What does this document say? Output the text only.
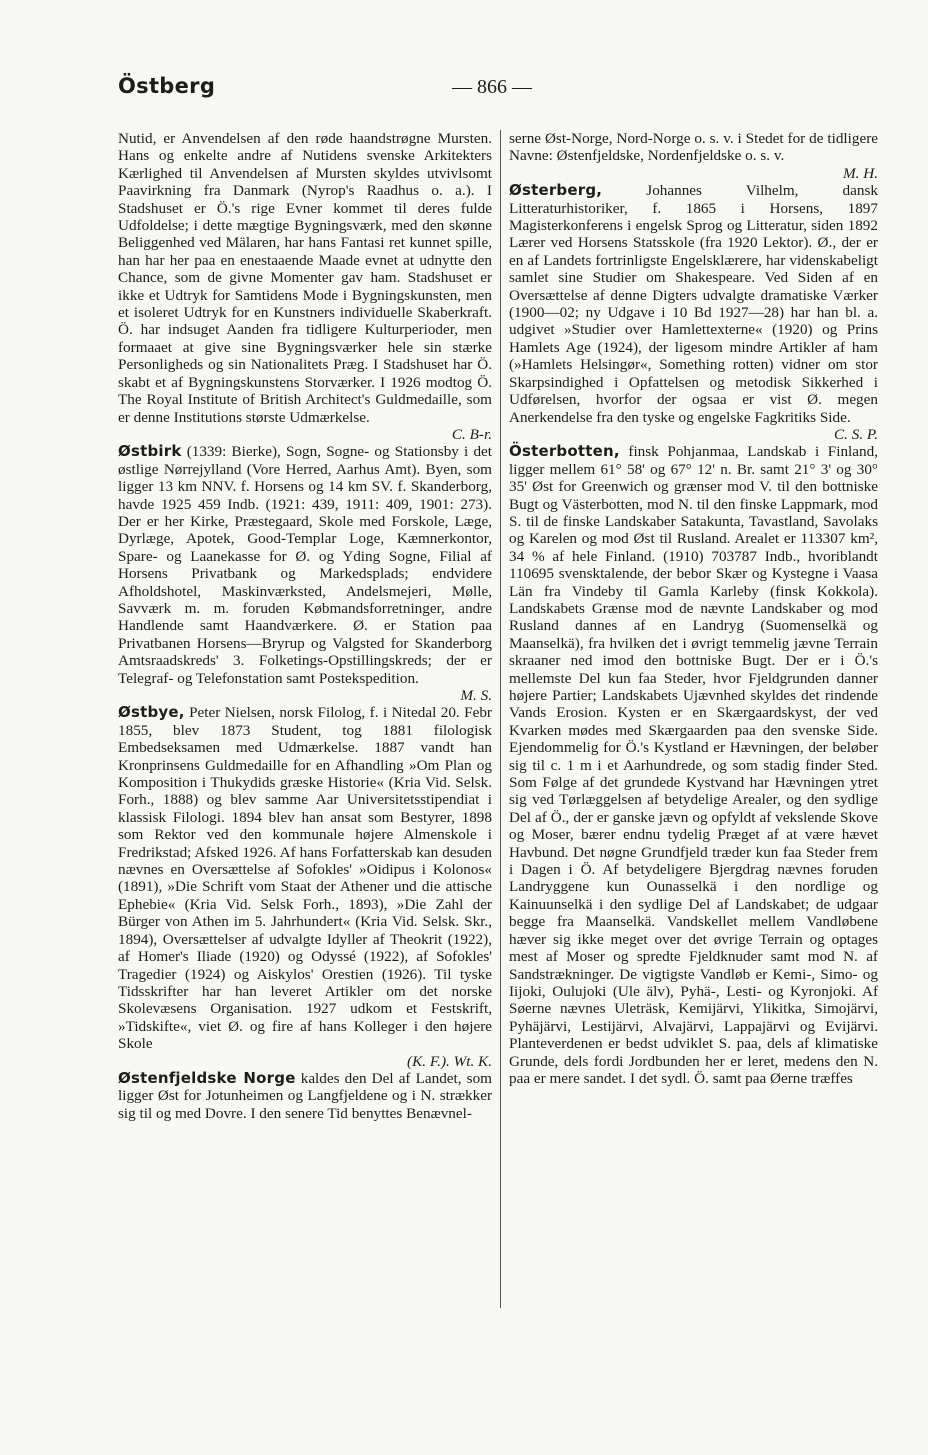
Östberg	— 866 —

Nutid, er Anvendelsen af den røde haandstrøgne Mursten. Hans og enkelte andre af Nutidens svenske Arkitekters Kærlighed til Anvendelsen af Mursten skyldes utvivlsomt Paavirkning fra Danmark (Nyrop's Raadhus o. a.). I Stadshuset er Ö.'s rige Evner kommet til deres fulde Udfoldelse; i dette mægtige Bygningsværk, med den skønne Beliggenhed ved Mälaren, har hans Fantasi ret kunnet spille, han har her paa en enestaaende Maade evnet at udnytte den Chance, som de givne Momenter gav ham. Stadshuset er ikke et Udtryk for Samtidens Mode i Bygningskunsten, men et isoleret Udtryk for en Kunstners individuelle Skaberkraft. Ö. har indsuget Aanden fra tidligere Kulturperioder, men formaaet at give sine Bygningsværker hele sin stærke Personligheds og sin Nationalitets Præg. I Stadshuset har Ö. skabt et af Bygningskunstens Storværker. I 1926 modtog Ö. The Royal Institute of British Architect's Guldmedaille, som er denne Institutions største Udmærkelse.
C. B-r.

Østbirk (1339: Bierke), Sogn, Sogne- og Stationsby i det østlige Nørrejylland (Vore Herred, Aarhus Amt). Byen, som ligger 13 km NNV. f. Horsens og 14 km SV. f. Skanderborg, havde 1925 459 Indb. (1921: 439, 1911: 409, 1901: 273). Der er her Kirke, Præstegaard, Skole med Forskole, Læge, Dyrlæge, Apotek, Good-Templar Loge, Kæmnerkontor, Spare- og Laanekasse for Ø. og Yding Sogne, Filial af Horsens Privatbank og Markedsplads; endvidere Afholdshotel, Maskinværksted, Andelsmejeri, Mølle, Savværk m. m. foruden Købmandsforretninger, andre Handlende samt Haandværkere. Ø. er Station paa Privatbanen Horsens—Bryrup og Valgsted for Skanderborg Amtsraadskreds' 3. Folketings-Opstillingskreds; der er Telegraf- og Telefonstation samt Postekspedition.
M. S.

Østbye, Peter Nielsen, norsk Filolog, f. i Nitedal 20. Febr 1855, blev 1873 Student, tog 1881 filologisk Embedseksamen med Udmærkelse. 1887 vandt han Kronprinsens Guldmedaille for en Afhandling »Om Plan og Komposition i Thukydids græske Historie« (Kria Vid. Selsk. Forh., 1888) og blev samme Aar Universitetsstipendiat i klassisk Filologi. 1894 blev han ansat som Bestyrer, 1898 som Rektor ved den kommunale højere Almenskole i Fredrikstad; Afsked 1926. Af hans Forfatterskab kan desuden nævnes en Oversættelse af Sofokles' »Oidipus i Kolonos« (1891), »Die Schrift vom Staat der Athener und die attische Ephebie« (Kria Vid. Selsk Forh., 1893), »Die Zahl der Bürger von Athen im 5. Jahrhundert« (Kria Vid. Selsk. Skr., 1894), Oversættelser af udvalgte Idyller af Theokrit (1922), af Homer's Iliade (1920) og Odyssé (1922), af Sofokles' Tragedier (1924) og Aiskylos' Orestien (1926). Til tyske Tidsskrifter har han leveret Artikler om det norske Skolevæsens Organisation. 1927 udkom et Festskrift, »Tidskifte«, viet Ø. og fire af hans Kolleger i den højere Skole
(K. F.). Wt. K.

Østenfjeldske Norge kaldes den Del af Landet, som ligger Øst for Jotunheimen og Langfjeldene og i N. strækker sig til og med Dovre. I den senere Tid benyttes Benævnel-

serne Øst-Norge, Nord-Norge o. s. v. i Stedet for de tidligere Navne: Østenfjeldske, Nordenfjeldske o. s. v.
M. H.

Østerberg,	Johannes Vilhelm, dansk Litteraturhistoriker, f. 1865 i Horsens, 1897 Magisterkonferens i engelsk Sprog og Litteratur, siden 1892 Lærer ved Horsens Statsskole (fra 1920 Lektor). Ø., der er en af Landets fortrinligste Engelsklærere, har videnskabeligt samlet sine Studier om Shakespeare. Ved Siden af en Oversættelse af denne Digters udvalgte dramatiske Værker (1900—02; ny Udgave i 10 Bd 1927—28) har han bl. a. udgivet »Studier over Hamlettexterne« (1920) og Prins Hamlets Age (1924), der ligesom mindre Artikler af ham (»Hamlets Helsingør«, Something rotten) vidner om stor Skarpsindighed i Opfattelsen og metodisk Sikkerhed i Udførelsen, hvorfor der ogsaa er vist Ø. megen Anerkendelse fra den tyske og engelske Fagkritiks Side.
C. S. P.

Österbotten, finsk Pohjanmaa, Landskab i Finland, ligger mellem 61° 58' og 67° 12' n. Br. samt 21° 3' og 30° 35' Øst for Greenwich og grænser mod V. til den bottniske Bugt og Västerbotten, mod N. til den finske Lappmark, mod S. til de finske Landskaber Satakunta, Tavastland, Savolaks og Karelen og mod Øst til Rusland. Arealet er 113307 km², 34 % af hele Finland. (1910) 703787 Indb., hvoriblandt 110695 svensktalende, der bebor Skær og Kystegne i Vaasa Län fra Vindeby til Gamla Karleby (finsk Kokkola). Landskabets Grænse mod de nævnte Landskaber og mod Rusland dannes af en Landryg (Suomenselkä og Maanselkä), fra hvilken det i øvrigt temmelig jævne Terrain skraaner ned imod den bottniske Bugt. Der er i Ö.'s mellemste Del kun faa Steder, hvor Fjeldgrunden danner højere Partier; Landskabets Ujævnhed skyldes det rindende Vands Erosion. Kysten er en Skærgaardskyst, der ved Kvarken mødes med Skærgaarden paa den svenske Side. Ejendommelig for Ö.'s Kystland er Hævningen, der beløber sig til c. 1 m i et Aarhundrede, og som stadig finder Sted. Som Følge af det grundede Kystvand har Hævningen ytret sig ved Tørlæggelsen af betydelige Arealer, og den sydlige Del af Ö., der er ganske jævn og opfyldt af vekslende Skove og Moser, bærer endnu tydelig Præget af at være hævet Havbund. Det nøgne Grundfjeld træder kun faa Steder frem i Dagen i Ö. Af betydeligere Bjergdrag nævnes foruden Landryggene kun Ounasselkä i den nordlige og Kainuunselkä i den sydlige Del af Landskabet; de udgaar begge fra Maanselkä. Vandskellet mellem Vandløbene hæver sig ikke meget over det øvrige Terrain og optages mest af Moser og spredte Fjeldknuder samt mod N. af Sandstrækninger. De vigtigste Vandløb er Kemi-, Simo- og Iijoki, Oulujoki (Ule älv), Pyhä-, Lesti- og Kyronjoki. Af Søerne nævnes Uleträsk, Kemijärvi, Ylikitka, Simojärvi, Pyhäjärvi, Lestijärvi, Alvajärvi, Lappajärvi og Evijärvi. Planteverdenen er bedst udviklet S. paa, dels af klimatiske Grunde, dels fordi Jordbunden her er leret, medens den N. paa er mere sandet. I det sydl. Ö. samt paa Øerne træffes
